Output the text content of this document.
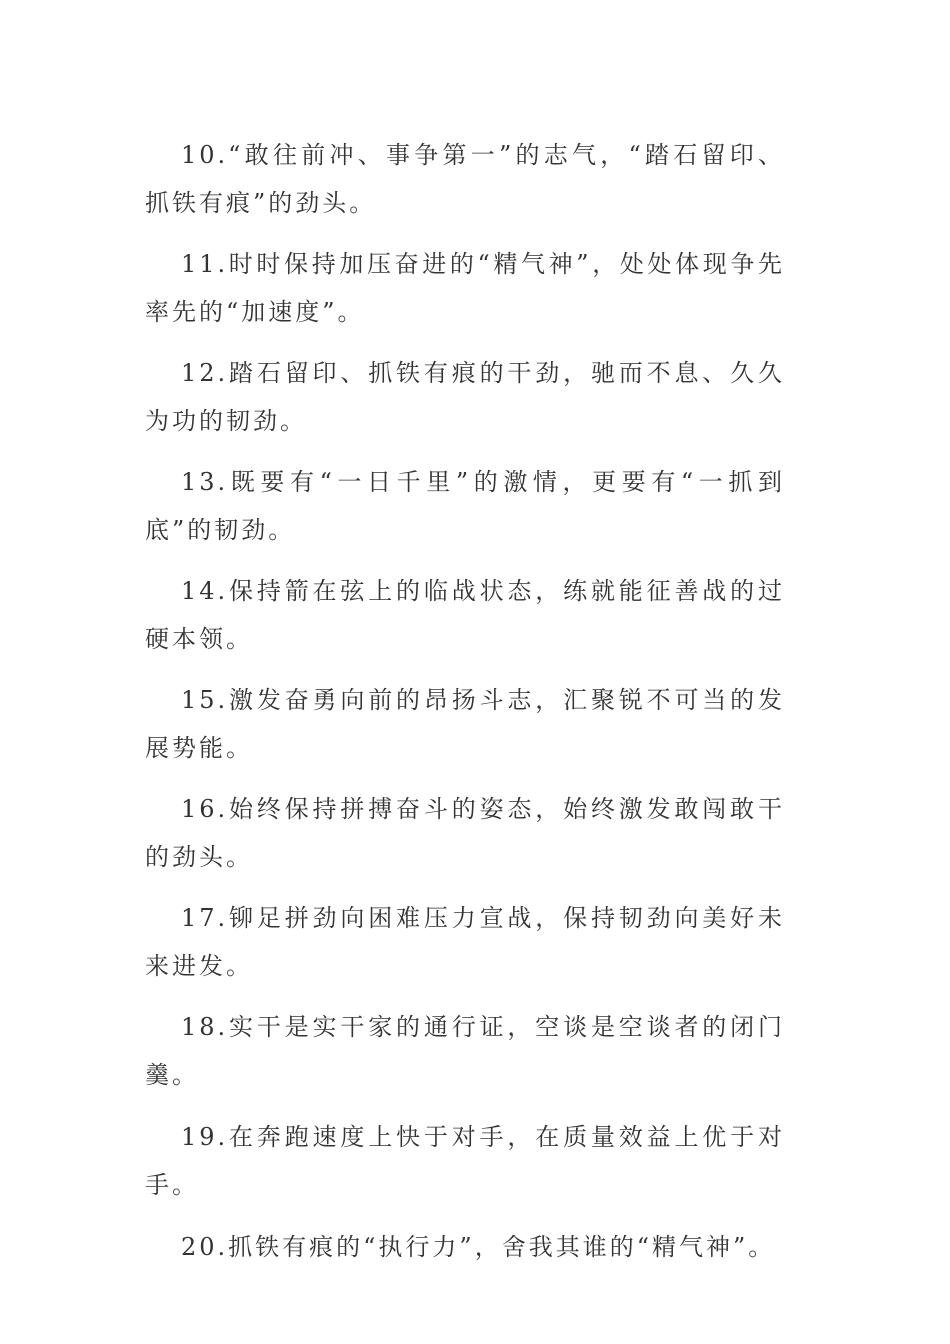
10.“敢往前冲、事争第一”的志气，“踏石留印、抓铁有痕”的劲头。

11.时时保持加压奋进的“精气神”，处处体现争先率先的“加速度”。

12.踏石留印、抓铁有痕的干劲，驰而不息、久久为功的韧劲。

13.既要有“一日千里”的激情，更要有“一抓到底”的韧劲。

14.保持箭在弦上的临战状态，练就能征善战的过硬本领。

15.激发奋勇向前的昂扬斗志，汇聚锐不可当的发展势能。

16.始终保持拼搏奋斗的姿态，始终激发敢闯敢干的劲头。

17.铆足拼劲向困难压力宣战，保持韧劲向美好未来进发。

18.实干是实干家的通行证，空谈是空谈者的闭门羹。

19.在奔跑速度上快于对手，在质量效益上优于对手。

20.抓铁有痕的“执行力”，舍我其谁的“精气神”。
